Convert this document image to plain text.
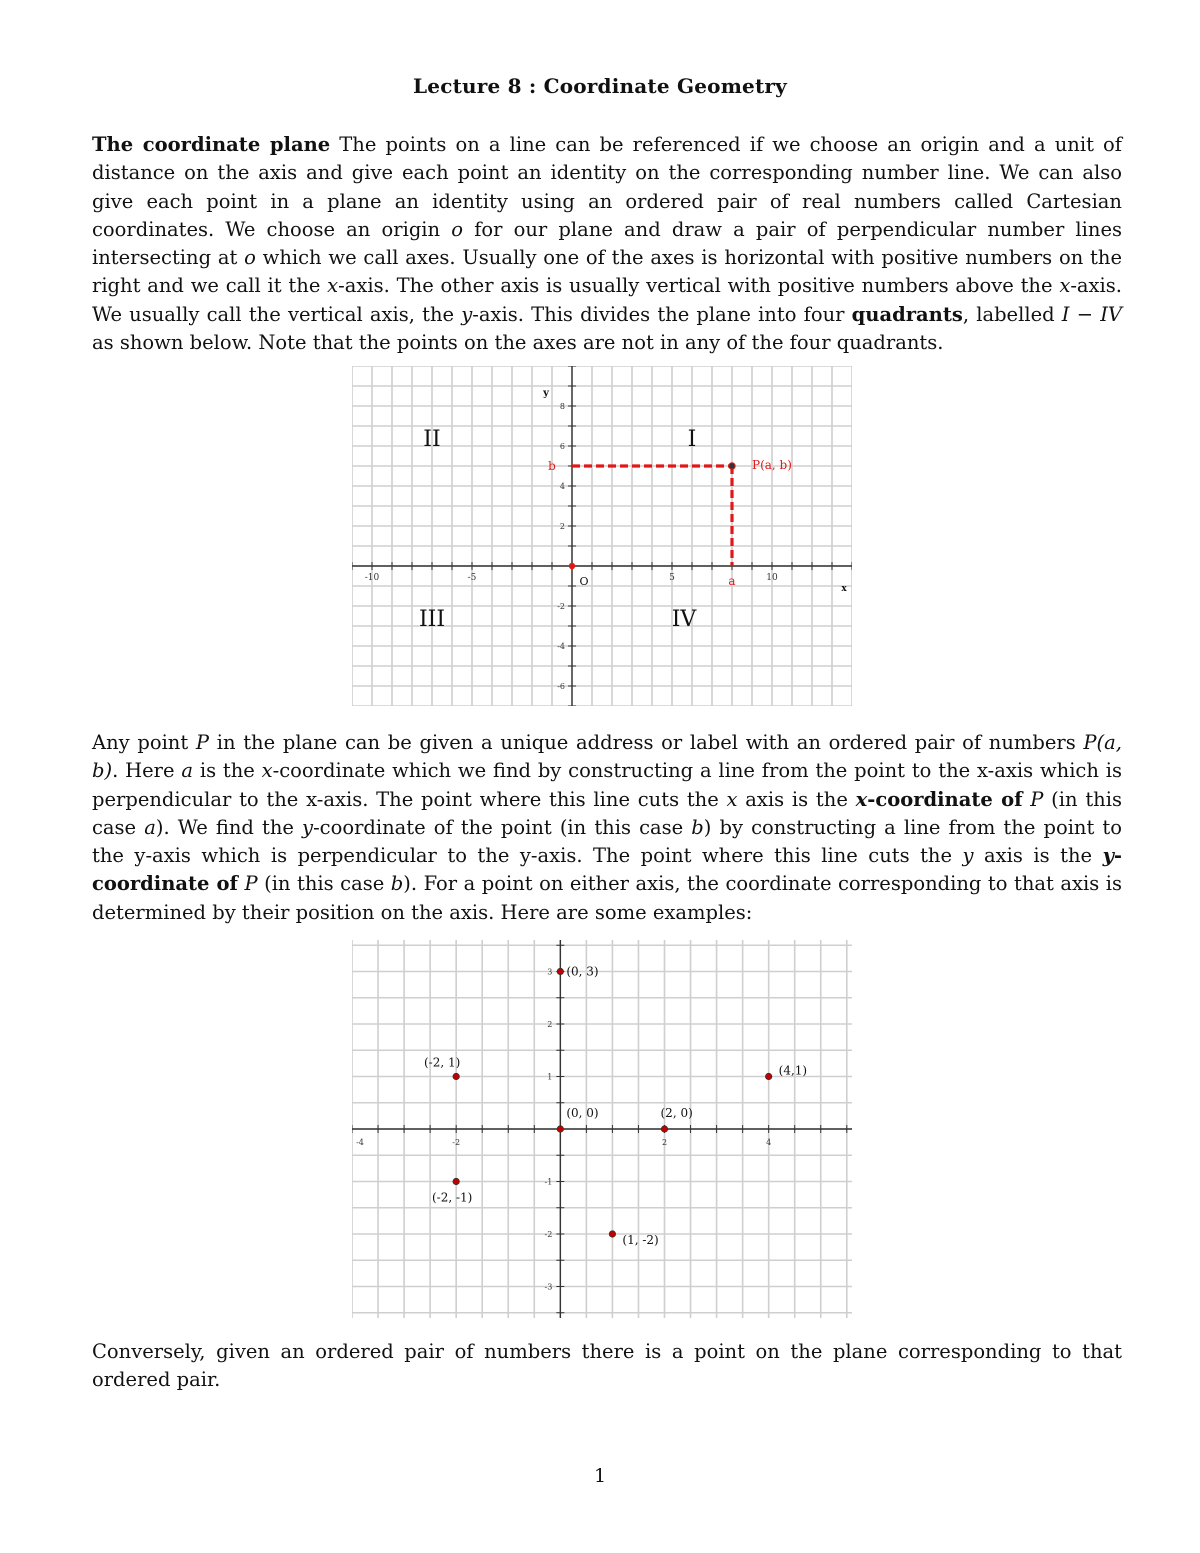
Lecture 8 : Coordinate Geometry
The coordinate plane The points on a line can be referenced if we choose an origin and a unit of distance on the axis and give each point an identity on the corresponding number line. We can also give each point in a plane an identity using an ordered pair of real numbers called Cartesian coordinates. We choose an origin o for our plane and draw a pair of perpendicular number lines intersecting at o which we call axes. Usually one of the axes is horizontal with positive numbers on the right and we call it the x-axis. The other axis is usually vertical with positive numbers above the x-axis. We usually call the vertical axis, the y-axis. This divides the plane into four quadrants, labelled I − IV as shown below. Note that the points on the axes are not in any of the four quadrants.
-10	-5	5	10
8
6
4
2
-2
-4
-6
x
y
O
I
II
III	IV
P(a, b)
b
a
Any point P in the plane can be given a unique address or label with an ordered pair of numbers P(a, b). Here a is the x-coordinate which we find by constructing a line from the point to the x-axis which is perpendicular to the x-axis. The point where this line cuts the x axis is the x-coordinate of P (in this case a). We find the y-coordinate of the point (in this case b) by constructing a line from the point to the y-axis which is perpendicular to the y-axis. The point where this line cuts the y axis is the y-coordinate of P (in this case b). For a point on either axis, the coordinate corresponding to that axis is determined by their position on the axis. Here are some examples:
-4	-2	2	4
3
2
1
-1
-2
-3
(0, 3)
(-2, 1)
(4,1)
(0, 0)	(2, 0)
(-2, -1)
(1, -2)
Conversely, given an ordered pair of numbers there is a point on the plane corresponding to that ordered pair.
1
